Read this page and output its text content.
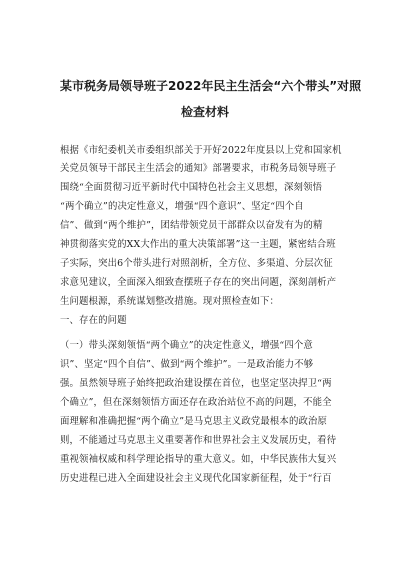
某市税务局领导班子2022年民主生活会“六个带头”对照
检查材料
根据《市纪委机关市委组织部关于开好2022年度县以上党和国家机
关党员领导干部民主生活会的通知》部署要求，市税务局领导班子
围绕“全面贯彻习近平新时代中国特色社会主义思想，深刻领悟
“两个确立”的决定性意义，增强“四个意识”、坚定“四个自
信”、做到“两个维护”，团结带领党员干部群众以奋发有为的精
神贯彻落实党的XX大作出的重大决策部署”这一主题，紧密结合班
子实际，突出6个带头进行对照剖析，全方位、多渠道、分层次征
求意见建议，全面深入细致查摆班子存在的突出问题，深刻剖析产
生问题根源，系统谋划整改措施。现对照检查如下：
一、存在的问题
（一）带头深刻领悟“两个确立”的决定性意义，增强“四个意
识”、坚定“四个自信”、做到“两个维护”。一是政治能力不够
强。虽然领导班子始终把政治建设摆在首位，也坚定坚决捍卫“两
个确立”，但在深刻领悟方面还存在政治站位不高的问题，不能全
面理解和准确把握“两个确立”是马克思主义政党最根本的政治原
则，不能通过马克思主义重要著作和世界社会主义发展历史，看待
重视领袖权威和科学理论指导的重大意义。如，中华民族伟大复兴
历史进程已进入全面建设社会主义现代化国家新征程，处于“行百
